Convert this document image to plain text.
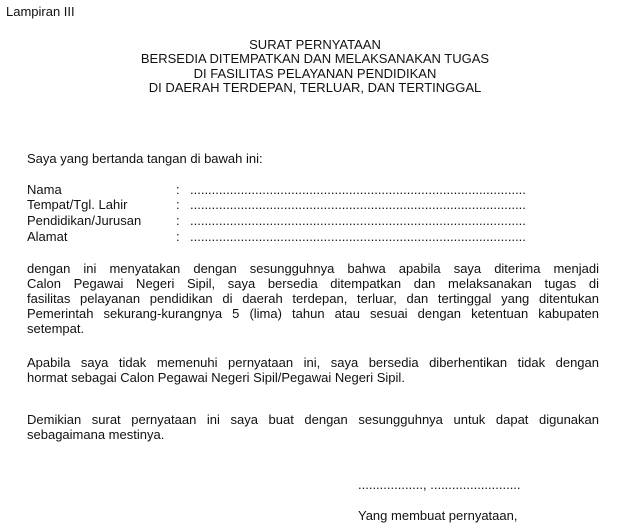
Lampiran III
SURAT PERNYATAAN
BERSEDIA DITEMPATKAN DAN MELAKSANAKAN TUGAS
DI FASILITAS PELAYANAN PENDIDIKAN
DI DAERAH TERDEPAN, TERLUAR, DAN TERTINGGAL
Saya yang bertanda tangan di bawah ini:
Nama	: .............................................................................................
Tempat/Tgl. Lahir	: .............................................................................................
Pendidikan/Jurusan	: .............................................................................................
Alamat	: .............................................................................................
dengan ini menyatakan dengan sesungguhnya bahwa apabila saya diterima menjadi
Calon Pegawai Negeri Sipil, saya bersedia ditempatkan dan melaksanakan tugas di
fasilitas pelayanan pendidikan di daerah terdepan, terluar, dan tertinggal yang ditentukan
Pemerintah sekurang-kurangnya 5 (lima) tahun atau sesuai dengan ketentuan kabupaten
setempat.
Apabila saya tidak memenuhi pernyataan ini, saya bersedia diberhentikan tidak dengan
hormat sebagai Calon Pegawai Negeri Sipil/Pegawai Negeri Sipil.
Demikian surat pernyataan ini saya buat dengan sesungguhnya untuk dapat digunakan
sebagaimana mestinya.
.................., .........................
Yang membuat pernyataan,
